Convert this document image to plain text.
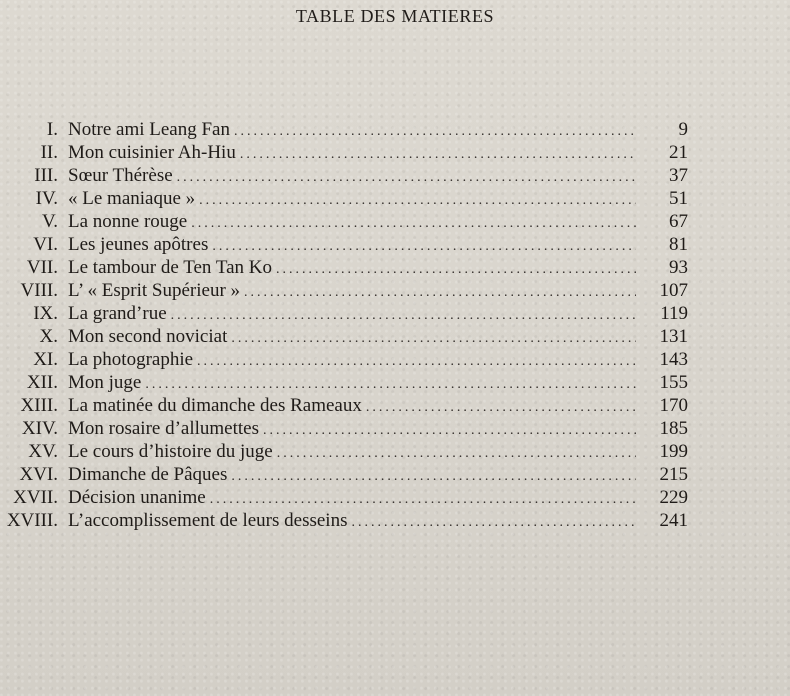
TABLE DES MATIERES
I. Notre ami Leang Fan .....	9
II. Mon cuisinier Ah-Hiu .....	21
III. Sœur Thérèse .....	37
IV. « Le maniaque » .....	51
V. La nonne rouge .....	67
VI. Les jeunes apôtres .....	81
VII. Le tambour de Ten Tan Ko .....	93
VIII. L’ « Esprit Supérieur » .....	107
IX. La grand’rue .....	119
X. Mon second noviciat .....	131
XI. La photographie .....	143
XII. Mon juge .....	155
XIII. La matinée du dimanche des Rameaux .....	170
XIV. Mon rosaire d’allumettes .....	185
XV. Le cours d’histoire du juge .....	199
XVI. Dimanche de Pâques .....	215
XVII. Décision unanime .....	229
XVIII. L’accomplissement de leurs desseins .....	241
